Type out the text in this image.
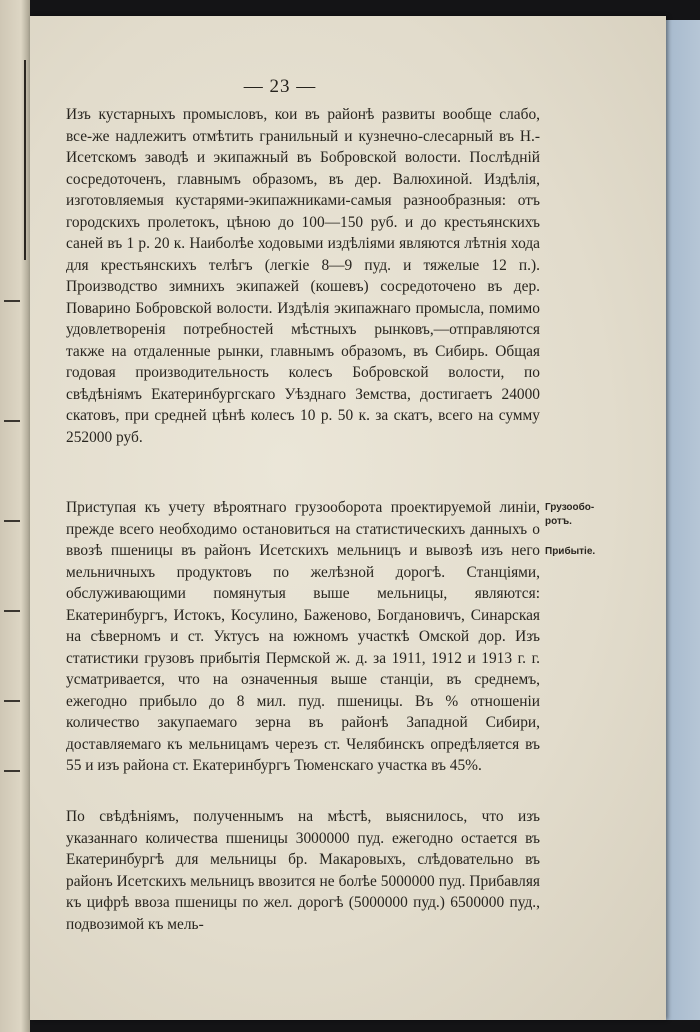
— 23 —

Изъ кустарныхъ промысловъ, кои въ районѣ развиты вообще слабо, все-же надлежитъ отмѣтить гранильный и кузнечно-слесарный въ Н.-Исетскомъ заводѣ и экипажный въ Бобровской волости. Послѣдній сосредоточенъ, главнымъ образомъ, въ дер. Валюхиной. Издѣлія, изготовляемыя кустарями-экипажниками-самыя разнообразныя: отъ городскихъ пролетокъ, цѣною до 100—150 руб. и до крестьянскихъ саней въ 1 р. 20 к. Наиболѣе ходовыми издѣліями являются лѣтнія хода для крестьянскихъ телѣгъ (легкіе 8—9 пуд. и тяжелые 12 п.). Производство зимнихъ экипажей (кошевъ) сосредоточено въ дер. Поварино Бобровской волости. Издѣлія экипажнаго промысла, помимо удовлетворенія потребностей мѣстныхъ рынковъ,—отправляются также на отдаленные рынки, главнымъ образомъ, въ Сибирь. Общая годовая производительность колесъ Бобровской волости, по свѣдѣніямъ Екатеринбургскаго Уѣзднаго Земства, достигаетъ 24000 скатовъ, при средней цѣнѣ колесъ 10 р. 50 к. за скатъ, всего на сумму 252000 руб.

Приступая къ учету вѣроятнаго грузооборота проектируемой линіи, прежде всего необходимо остановиться на статистическихъ данныхъ о ввозѣ пшеницы въ районъ Исетскихъ мельницъ и вывозѣ изъ него мельничныхъ продуктовъ по желѣзной дорогѣ. Станціями, обслуживающими помянутыя выше мельницы, являются: Екатеринбургъ, Истокъ, Косулино, Баженово, Богдановичъ, Синарская на сѣверномъ и ст. Уктусъ на южномъ участкѣ Омской дор. Изъ статистики грузовъ прибытія Пермской ж. д. за 1911, 1912 и 1913 г. г. усматривается, что на означенныя выше станціи, въ среднемъ, ежегодно прибыло до 8 мил. пуд. пшеницы. Въ % отношеніи количество закупаемаго зерна въ районѣ Западной Сибири, доставляемаго къ мельницамъ черезъ ст. Челябинскъ опредѣляется въ 55 и изъ района ст. Екатеринбургъ Тюменскаго участка въ 45%.

По свѣдѣніямъ, полученнымъ на мѣстѣ, выяснилось, что изъ указаннаго количества пшеницы 3000000 пуд. ежегодно остается въ Екатеринбургѣ для мельницы бр. Макаровыхъ, слѣдовательно въ районъ Исетскихъ мельницъ ввозится не болѣе 5000000 пуд. Прибавляя къ цифрѣ ввоза пшеницы по жел. дорогѣ (5000000 пуд.) 6500000 пуд., подвозимой къ мель-

Грузообо-ротъ.
Прибытіе.
